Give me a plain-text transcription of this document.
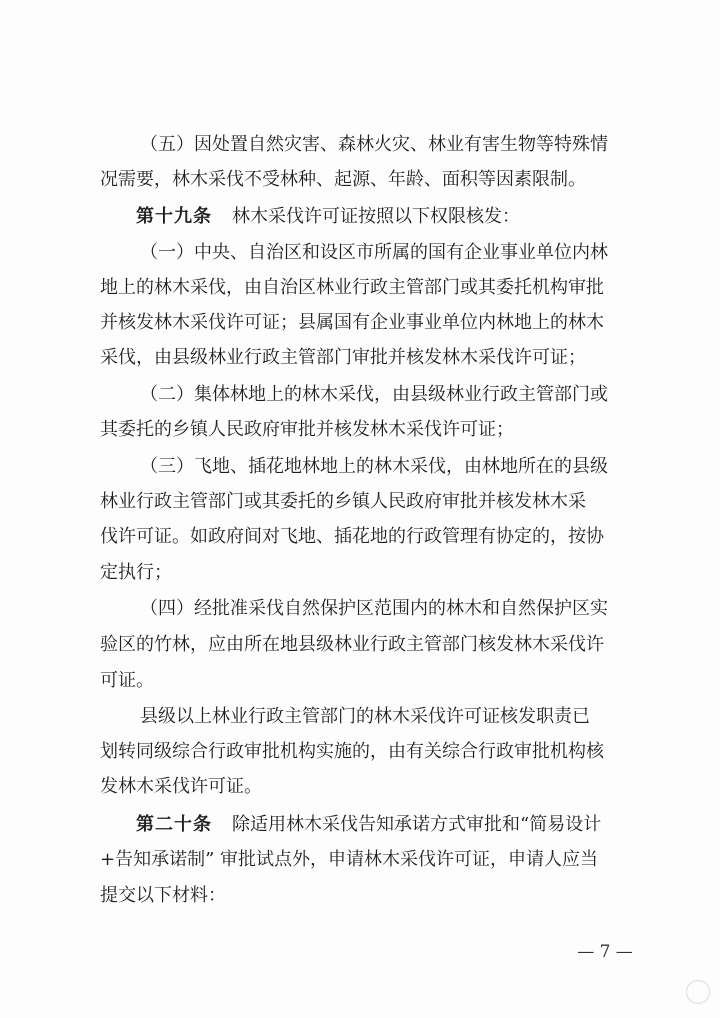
（五）因处置自然灾害、森林火灾、林业有害生物等特殊情
况需要，林木采伐不受林种、起源、年龄、面积等因素限制。
第十九条 林木采伐许可证按照以下权限核发：
（一）中央、自治区和设区市所属的国有企业事业单位内林
地上的林木采伐，由自治区林业行政主管部门或其委托机构审批
并核发林木采伐许可证；县属国有企业事业单位内林地上的林木
采伐，由县级林业行政主管部门审批并核发林木采伐许可证；
（二）集体林地上的林木采伐，由县级林业行政主管部门或
其委托的乡镇人民政府审批并核发林木采伐许可证；
（三）飞地、插花地林地上的林木采伐，由林地所在的县级
林业行政主管部门或其委托的乡镇人民政府审批并核发林木采
伐许可证。如政府间对飞地、插花地的行政管理有协定的，按协
定执行；
（四）经批准采伐自然保护区范围内的林木和自然保护区实
验区的竹林，应由所在地县级林业行政主管部门核发林木采伐许
可证。
县级以上林业行政主管部门的林木采伐许可证核发职责已
划转同级综合行政审批机构实施的，由有关综合行政审批机构核
发林木采伐许可证。
第二十条 除适用林木采伐告知承诺方式审批和“简易设计
+告知承诺制” 审批试点外，申请林木采伐许可证，申请人应当
提交以下材料：
— 7 —
